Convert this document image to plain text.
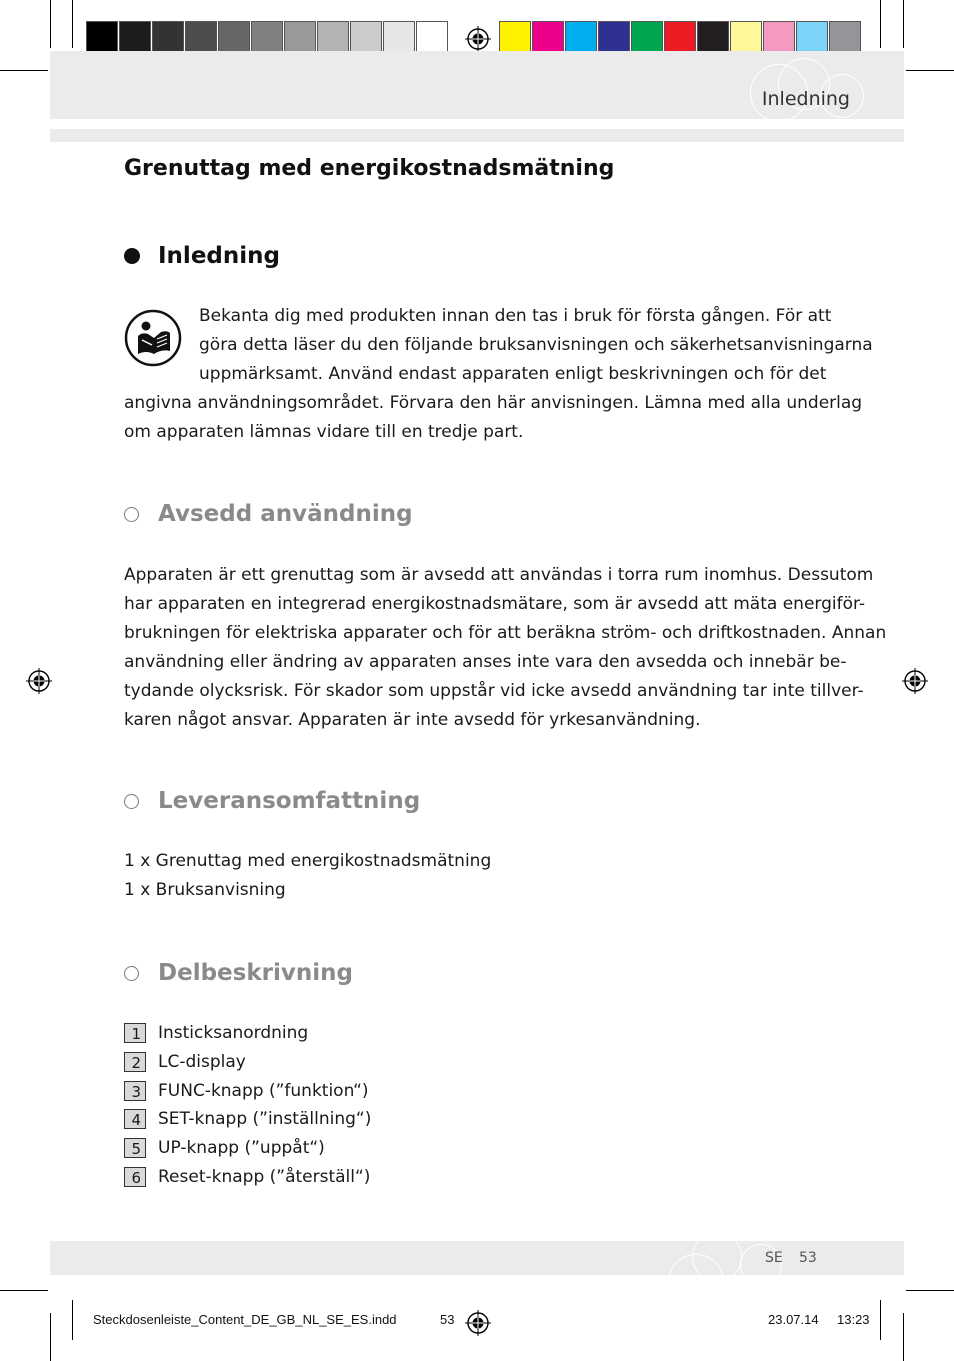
Inledning
Grenuttag med energikostnadsmätning
Inledning
Bekanta dig med produkten innan den tas i bruk för första gången. För att
göra detta läser du den följande bruksanvisningen och säkerhetsanvisningarna
uppmärksamt. Använd endast apparaten enligt beskrivningen och för det
angivna användningsområdet. Förvara den här anvisningen. Lämna med alla underlag
om apparaten lämnas vidare till en tredje part.
Avsedd användning
Apparaten är ett grenuttag som är avsedd att användas i torra rum inomhus. Dessutom
har apparaten en integrerad energikostnadsmätare, som är avsedd att mäta energiför-
brukningen för elektriska apparater och för att beräkna ström- och driftkostnaden. Annan
användning eller ändring av apparaten anses inte vara den avsedda och innebär be-
tydande olycksrisk. För skador som uppstår vid icke avsedd användning tar inte tillver-
karen något ansvar. Apparaten är inte avsedd för yrkesanvändning.
Leveransomfattning
1 x Grenuttag med energikostnadsmätning
1 x Bruksanvisning
Delbeskrivning
1 Insticksanordning
2 LC-display
3 FUNC-knapp (”funktion“)
4 SET-knapp (”inställning“)
5 UP-knapp (”uppåt“)
6 Reset-knapp (”återställ“)
SE 53
Steckdosenleiste_Content_DE_GB_NL_SE_ES.indd	53	23.07.14 13:23
